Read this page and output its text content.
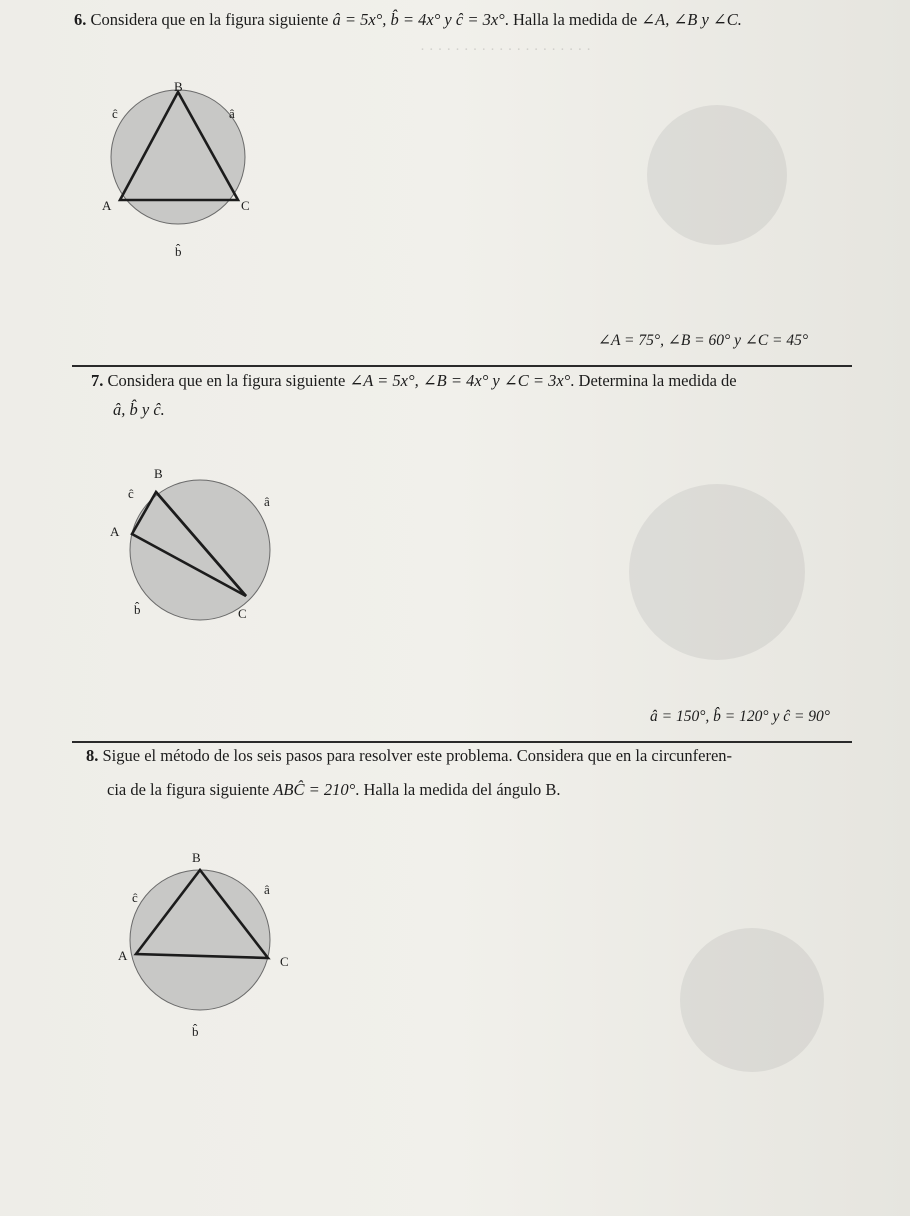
· · · · · · · · · · · · · · · · · · · ·
6. Considera que en la figura siguiente â = 5x°, b̂ = 4x° y ĉ = 3x°. Halla la medida de ∠A, ∠B y ∠C.
B
ĉ	â
A	C
b̂
∠A = 75°, ∠B = 60° y ∠C = 45°
7. Considera que en la figura siguiente ∠A = 5x°, ∠B = 4x° y ∠C = 3x°. Determina la medida de
â, b̂ y ĉ.
B
ĉ
â
A
b̂	C
â = 150°, b̂ = 120° y ĉ = 90°
8. Sigue el método de los seis pasos para resolver este problema. Considera que en la circunferen-
cia de la figura siguiente ABĈ = 210°. Halla la medida del ángulo B.
B
ĉ
â
A	C
b̂
